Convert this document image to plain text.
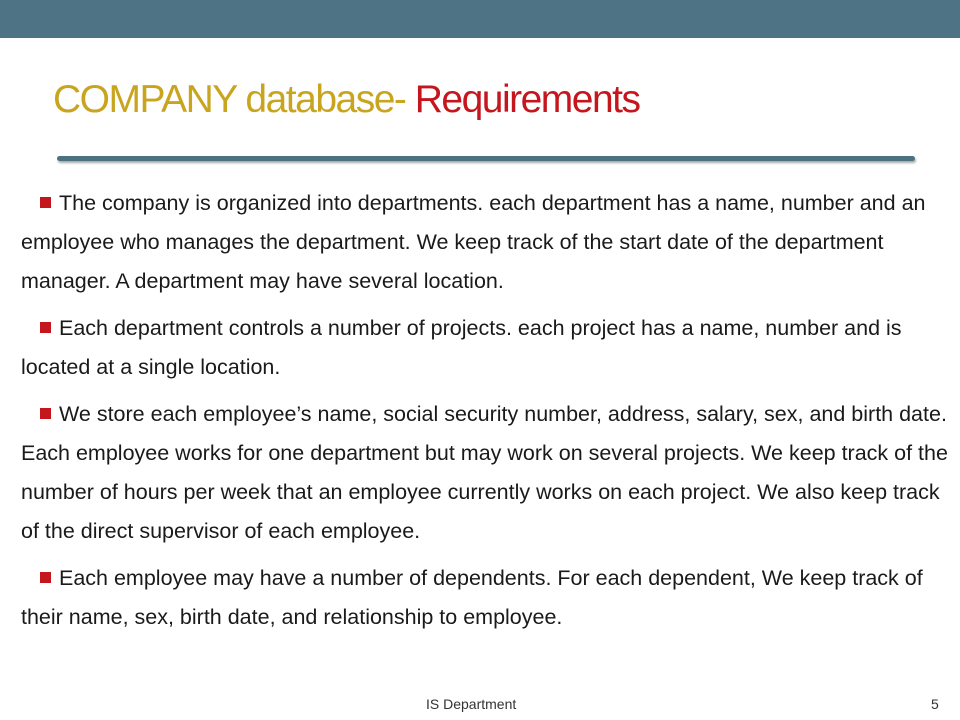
COMPANY database- Requirements
The company is organized into departments. each department has a name, number and an employee who manages the department. We keep track of the start date of the department manager. A department may have several location.
Each department controls a number of projects. each project has a name, number and is located at a single location.
We store each employee’s name, social security number, address, salary, sex, and birth date. Each employee works for one department but may work on several projects. We keep track of the number of hours per week that an employee currently works on each project. We also keep track of the direct supervisor of each employee.
Each employee may have a number of dependents. For each dependent, We keep track of their name, sex, birth date, and relationship to employee.
IS Department	5
